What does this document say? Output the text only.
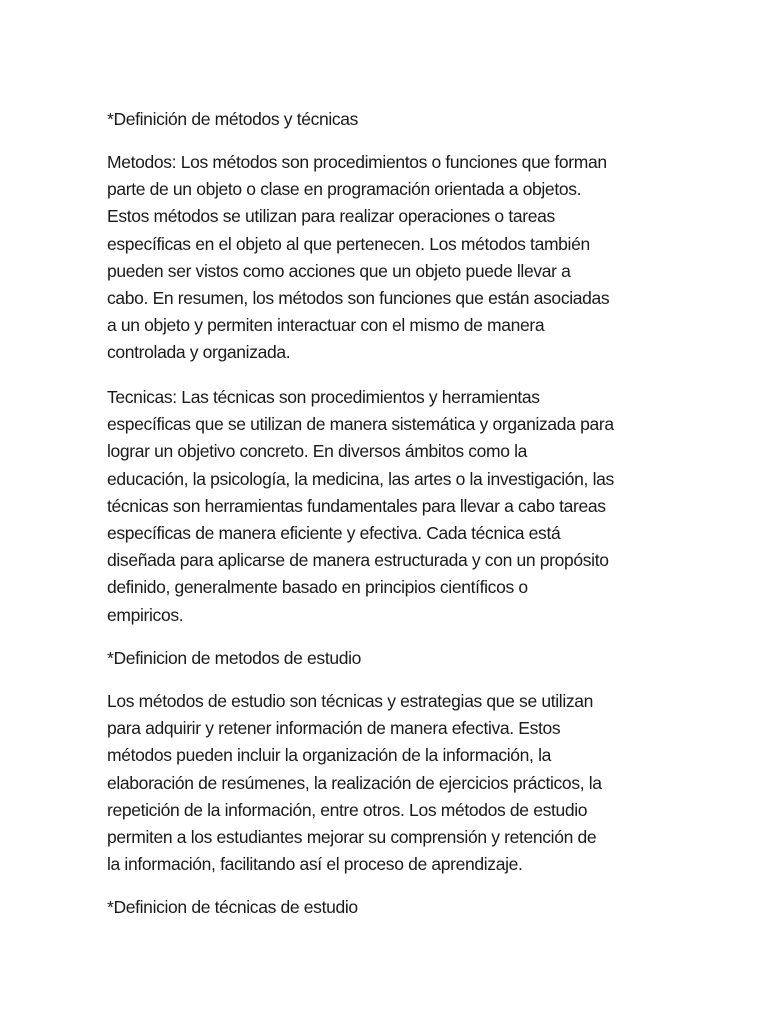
*Definición de métodos y técnicas

Metodos: Los métodos son procedimientos o funciones que forman
parte de un objeto o clase en programación orientada a objetos.
Estos métodos se utilizan para realizar operaciones o tareas
específicas en el objeto al que pertenecen. Los métodos también
pueden ser vistos como acciones que un objeto puede llevar a
cabo. En resumen, los métodos son funciones que están asociadas
a un objeto y permiten interactuar con el mismo de manera
controlada y organizada.

Tecnicas: Las técnicas son procedimientos y herramientas
específicas que se utilizan de manera sistemática y organizada para
lograr un objetivo concreto. En diversos ámbitos como la
educación, la psicología, la medicina, las artes o la investigación, las
técnicas son herramientas fundamentales para llevar a cabo tareas
específicas de manera eficiente y efectiva. Cada técnica está
diseñada para aplicarse de manera estructurada y con un propósito
definido, generalmente basado en principios científicos o
empiricos.

*Definicion de metodos de estudio

Los métodos de estudio son técnicas y estrategias que se utilizan
para adquirir y retener información de manera efectiva. Estos
métodos pueden incluir la organización de la información, la
elaboración de resúmenes, la realización de ejercicios prácticos, la
repetición de la información, entre otros. Los métodos de estudio
permiten a los estudiantes mejorar su comprensión y retención de
la información, facilitando así el proceso de aprendizaje.

*Definicion de técnicas de estudio
